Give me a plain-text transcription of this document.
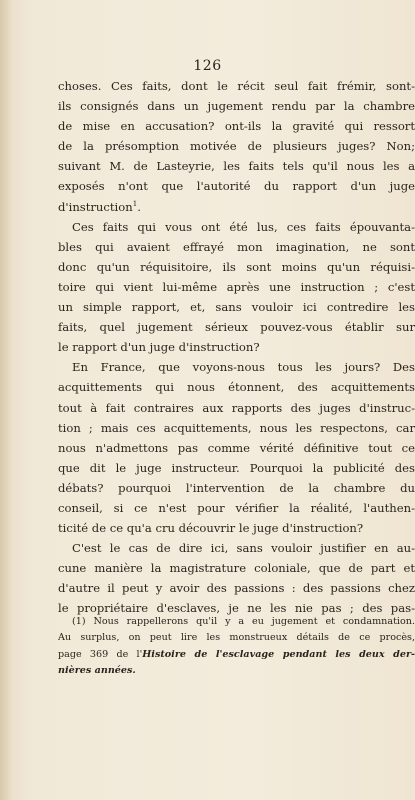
126
choses. Ces faits, dont le récit seul fait frémir, sont-
ils consignés dans un jugement rendu par la chambre
de mise en accusation? ont-ils la gravité qui ressort
de la présomption motivée de plusieurs juges? Non;
suivant M. de Lasteyrie, les faits tels qu'il nous les a
exposés n'ont que l'autorité du rapport d'un juge
d'instruction$^1$.
Ces faits qui vous ont été lus, ces faits épouvanta-
bles qui avaient effrayé mon imagination, ne sont
donc qu'un réquisitoire, ils sont moins qu'un réquisi-
toire qui vient lui-même après une instruction ; c'est
un simple rapport, et, sans vouloir ici contredire les
faits, quel jugement sérieux pouvez-vous établir sur
le rapport d'un juge d'instruction?
En France, que voyons-nous tous les jours? Des
acquittements qui nous étonnent, des acquittements
tout à fait contraires aux rapports des juges d'instruc-
tion ; mais ces acquittements, nous les respectons, car
nous n'admettons pas comme vérité définitive tout ce
que dit le juge instructeur. Pourquoi la publicité des
débats? pourquoi l'intervention de la chambre du
conseil, si ce n'est pour vérifier la réalité, l'authen-
ticité de ce qu'a cru découvrir le juge d'instruction?
C'est le cas de dire ici, sans vouloir justifier en au-
cune manière la magistrature coloniale, que de part et
d'autre il peut y avoir des passions : des passions chez
le propriétaire d'esclaves, je ne les nie pas ; des pas-
(1) Nous rappellerons qu'il y a eu jugement et condamnation.
Au surplus, on peut lire les monstrueux détails de ce procès,
page 369 de l'Histoire de l'esclavage pendant les deux der-
nières années.
